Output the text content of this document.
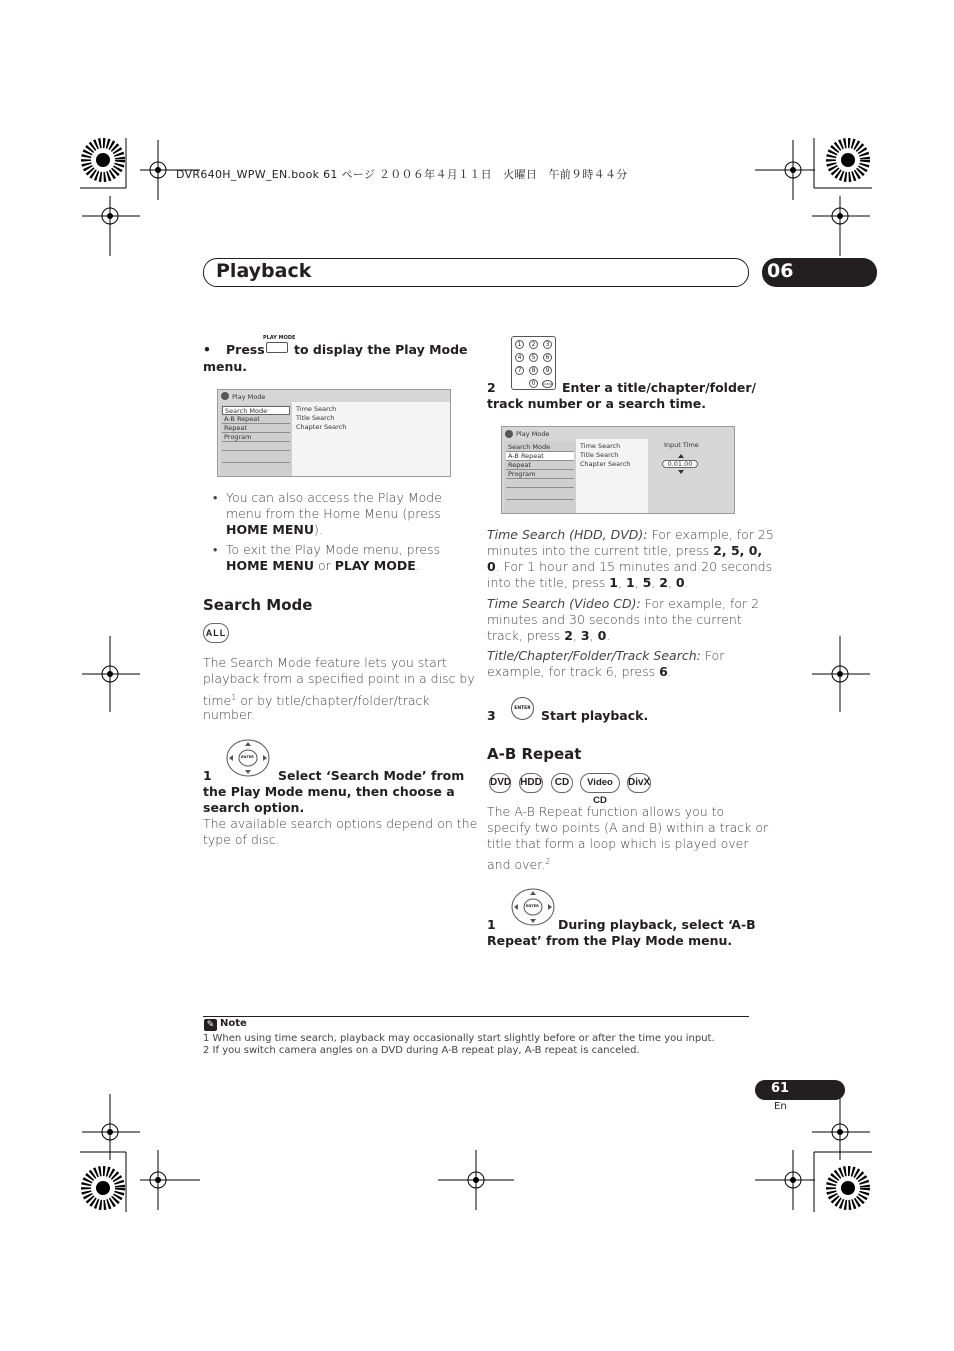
DVR640H_WPW_EN.book 61 ページ ２００６年４月１１日　火曜日　午前９時４４分
Playback	06
• Press
PLAY MODE
to display the Play Mode
menu.
Play Mode
Search Mode
A-B Repeat
Repeat
Program
Time Search
Title Search
Chapter Search
• You can also access the Play Mode
menu from the Home Menu (press
HOME MENU).
• To exit the Play Mode menu, press
HOME MENU or PLAY MODE.
Search Mode
ALL
The Search Mode feature lets you start
playback from a specified point in a disc by
time$^1$ or by title/chapter/folder/track
number.
ENTER
1	Select ‘Search Mode’ from
the Play Mode menu, then choose a
search option.
The available search options depend on the
type of disc.
1	2	3
4	5	6
7	8	9
0	CLEAR
2	Enter a title/chapter/folder/
track number or a search time.
Play Mode
Search Mode
A-B Repeat
Repeat
Program
Time Search
Title Search
Chapter Search
Input Time
0.01.00
Time Search (HDD, DVD): For example, for 25
minutes into the current title, press 2, 5, 0,
0. For 1 hour and 15 minutes and 20 seconds
into the title, press 1, 1, 5, 2, 0.
Time Search (Video CD): For example, for 2
minutes and 30 seconds into the current
track, press 2, 3, 0.
Title/Chapter/Folder/Track Search: For
example, for track 6, press 6.
ENTER
3	Start playback.
A-B Repeat
DVD HDD	CD	Video CD
DivX
The A-B Repeat function allows you to
specify two points (A and B) within a track or
title that form a loop which is played over
and over.$^2$
ENTER
1	During playback, select ‘A-B
Repeat’ from the Play Mode menu.
✎ Note
1 When using time search, playback may occasionally start slightly before or after the time you input.
2 If you switch camera angles on a DVD during A-B repeat play, A-B repeat is canceled.
61
En
